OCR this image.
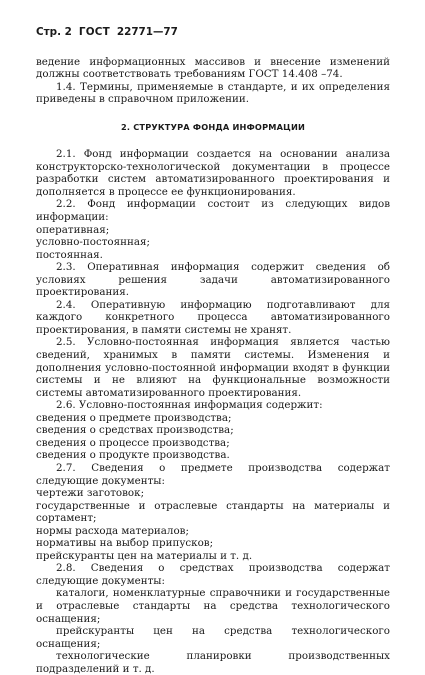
Стр. 2 ГОСТ 22771—77

ведение информационных массивов и внесение изменений должны соответствовать требованиям ГОСТ 14.408 –74.

1.4. Термины, применяемые в стандарте, и их определения приведены в справочном приложении.

2. СТРУКТУРА ФОНДА ИНФОРМАЦИИ

2.1. Фонд информации создается на основании анализа конструкторско-технологической документации в процессе разработки систем автоматизированного проектирования и дополняется в процессе ее функционирования.

2.2. Фонд информации состоит из следующих видов информации:

оперативная;

условно-постоянная;

постоянная.

2.3. Оперативная информация содержит сведения об условиях решения задачи автоматизированного проектирования.

2.4. Оперативную информацию подготавливают для каждого конкретного процесса автоматизированного проектирования, в памяти системы не хранят.

2.5. Условно-постоянная информация является частью сведений, хранимых в памяти системы. Изменения и дополнения условно-постоянной информации входят в функции системы и не влияют на функциональные возможности системы автоматизированного проектирования.

2.6. Условно-постоянная информация содержит:

сведения о предмете производства;

сведения о средствах производства;

сведения о процессе производства;

сведения о продукте производства.

2.7. Сведения о предмете производства содержат следующие документы:

чертежи заготовок;

государственные и отраслевые стандарты на материалы и сортамент;

нормы расхода материалов;

нормативы на выбор припусков;

прейскуранты цен на материалы и т. д.

2.8. Сведения о средствах производства содержат следующие документы:

каталоги, номенклатурные справочники и государственные и отраслевые стандарты на средства технологического оснащения;

прейскуранты цен на средства технологического оснащения;

технологические планировки производственных подразделений и т. д.
